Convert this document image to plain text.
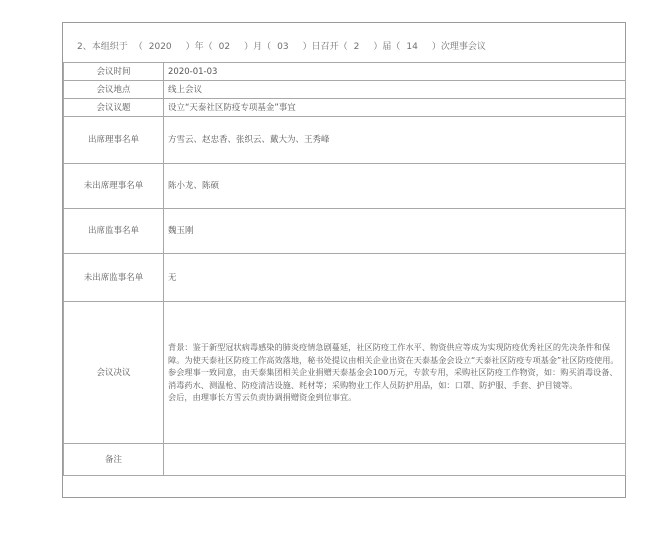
2、本组织于 （ 2020 ）年（ 02 ）月（ 03 ）日召开（ 2 ）届（ 14 ）次理事会议
会议时间	2020-01-03
会议地点	线上会议
会议议题	设立“天泰社区防疫专项基金”事宜
出席理事名单	方雪云、赵忠香、张织云、戴大为、王秀峰
未出席理事名单	陈小龙、陈硕
出席监事名单	魏玉刚
未出席监事名单	无
会议决议	背景：鉴于新型冠状病毒感染的肺炎疫情急剧蔓延，社区防疫工作水平、物资供应等成为实现防疫优秀社区的先决条件和保障。为使天泰社区防疫工作高效落地，秘书处提议由相关企业出资在天泰基金会设立“天泰社区防疫专项基金”社区防疫使用。

参会理事一致同意，由天泰集团相关企业捐赠天泰基金会100万元，专款专用，采购社区防疫工作物资，如：购买消毒设备、消毒药水、测温枪、防疫清洁设施、耗材等；采购物业工作人员防护用品，如：口罩、防护服、手套、护目镜等。

会后，由理事长方雪云负责协调捐赠资金到位事宜。

备注	
